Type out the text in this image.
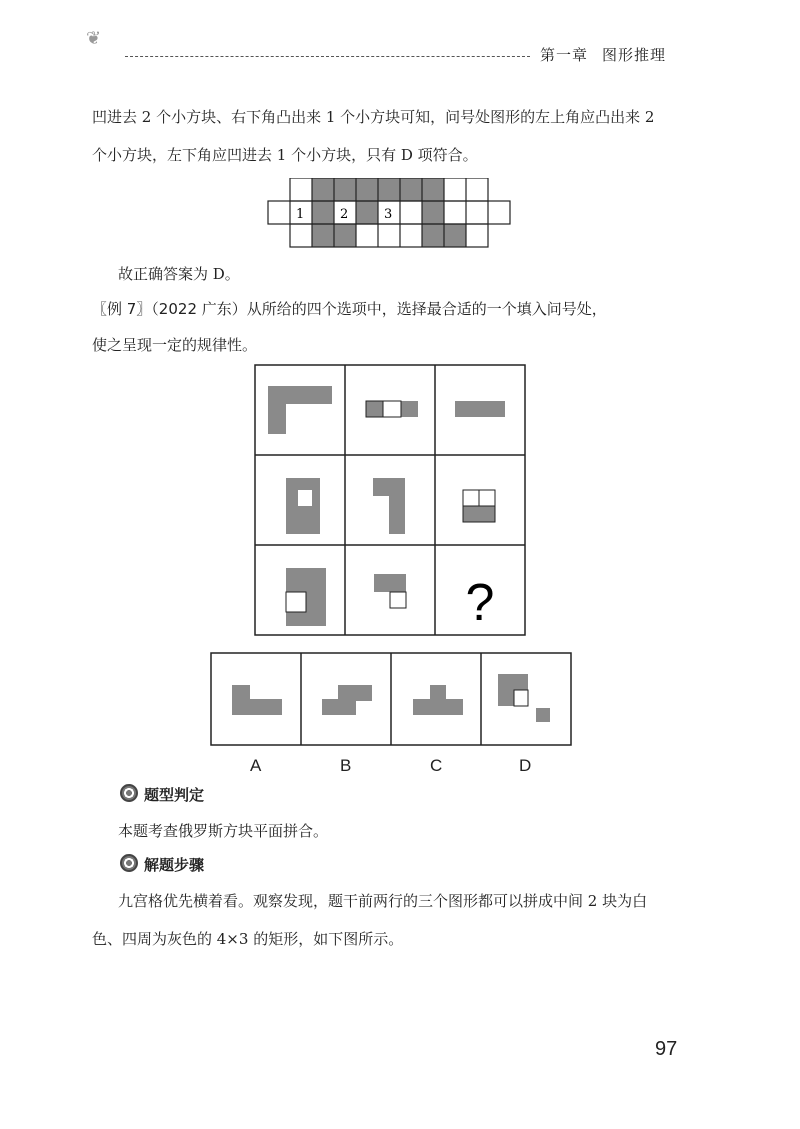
❦
第一章 图形推理
凹进去 2 个小方块、右下角凸出来 1 个小方块可知，问号处图形的左上角应凸出来 2
个小方块，左下角应凹进去 1 个小方块，只有 D 项符合。
1	2	3
故正确答案为 D。
〖例 7〗（2022 广东）从所给的四个选项中，选择最合适的一个填入问号处，
使之呈现一定的规律性。
?
A	B	C	D
题型判定
本题考查俄罗斯方块平面拼合。
解题步骤
九宫格优先横着看。观察发现，题干前两行的三个图形都可以拼成中间 2 块为白
色、四周为灰色的 4×3 的矩形，如下图所示。
97
